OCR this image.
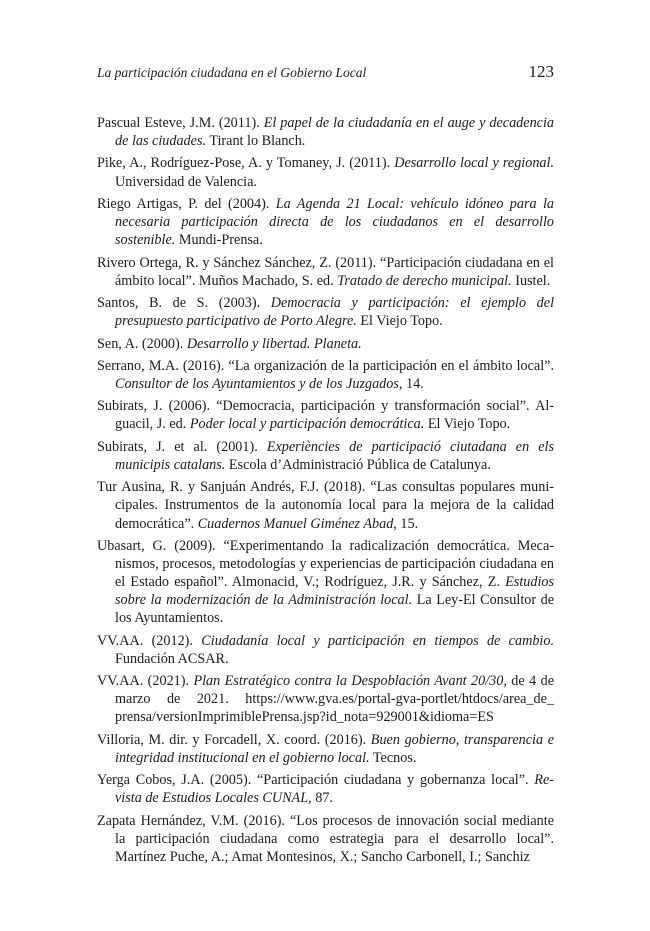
La participación ciudadana en el Gobierno Local	123

Pascual Esteve, J.M. (2011). El papel de la ciudadanía en el auge y decadencia de las ciudades. Tirant lo Blanch.

Pike, A., Rodríguez-Pose, A. y Tomaney, J. (2011). Desarrollo local y regional. Universidad de Valencia.

Riego Artigas, P. del (2004). La Agenda 21 Local: vehículo idóneo para la necesaria participación directa de los ciudadanos en el desarrollo sostenible. Mundi-Prensa.

Rivero Ortega, R. y Sánchez Sánchez, Z. (2011). “Participación ciudadana en el ámbito local”. Muños Machado, S. ed. Tratado de derecho municipal. Iustel.

Santos, B. de S. (2003). Democracia y participación: el ejemplo del presupuesto participativo de Porto Alegre. El Viejo Topo.

Sen, A. (2000). Desarrollo y libertad. Planeta.

Serrano, M.A. (2016). “La organización de la participación en el ámbito local”. Consultor de los Ayuntamientos y de los Juzgados, 14.

Subirats, J. (2006). “Democracia, participación y transformación social”. Alguacil, J. ed. Poder local y participación democrática. El Viejo Topo.

Subirats, J. et al. (2001). Experiències de participació ciutadana en els municipis catalans. Escola d’Administració Pública de Catalunya.

Tur Ausina, R. y Sanjuán Andrés, F.J. (2018). “Las consultas populares municipales. Instrumentos de la autonomía local para la mejora de la calidad democrática”. Cuadernos Manuel Giménez Abad, 15.

Ubasart, G. (2009). “Experimentando la radicalización democrática. Mecanismos, procesos, metodologías y experiencias de participación ciudadana en el Estado español”. Almonacid, V.; Rodríguez, J.R. y Sánchez, Z. Estudios sobre la modernización de la Administración local. La Ley-El Consultor de los Ayuntamientos.

VV.AA. (2012). Ciudadanía local y participación en tiempos de cambio. Fundación ACSAR.

VV.AA. (2021). Plan Estratégico contra la Despoblación Avant 20/30, de 4 de marzo de 2021. https://www.gva.es/portal-gva-portlet/htdocs/area_de_ prensa/versionImprimiblePrensa.jsp?id_nota=929001&idioma=ES

Villoria, M. dir. y Forcadell, X. coord. (2016). Buen gobierno, transparencia e integridad institucional en el gobierno local. Tecnos.

Yerga Cobos, J.A. (2005). “Participación ciudadana y gobernanza local”. Revista de Estudios Locales CUNAL, 87.

Zapata Hernández, V.M. (2016). “Los procesos de innovación social mediante la participación ciudadana como estrategia para el desarrollo local”. Martínez Puche, A.; Amat Montesinos, X.; Sancho Carbonell, I.; Sanchiz
